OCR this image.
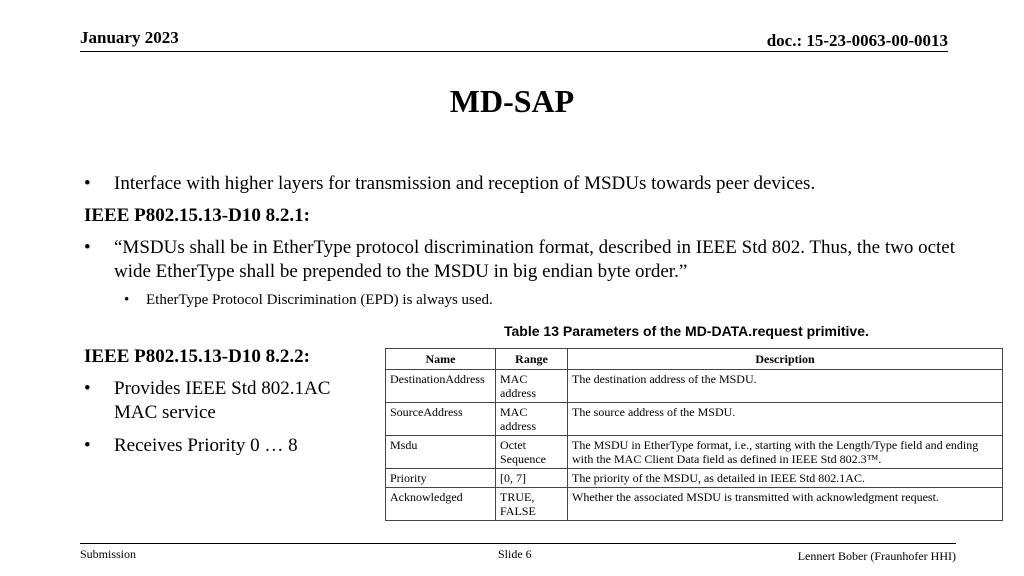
January 2023	doc.: 15-23-0063-00-0013
MD-SAP
•	Interface with higher layers for transmission and reception of MSDUs towards peer devices.
IEEE P802.15.13-D10 8.2.1:
•	“MSDUs shall be in EtherType protocol discrimination format, described in IEEE Std 802. Thus, the two octet wide EtherType shall be prepended to the MSDU in big endian byte order.”
•	EtherType Protocol Discrimination (EPD) is always used.
IEEE P802.15.13-D10 8.2.2:
•	Provides IEEE Std 802.1AC MAC service
•	Receives Priority 0 … 8
Table 13 Parameters of the MD-DATA.request primitive.
Name	Range	Description
DestinationAddress	MAC address	The destination address of the MSDU.
SourceAddress	MAC address	The source address of the MSDU.
Msdu	Octet Sequence	The MSDU in EtherType format, i.e., starting with the Length/Type field and ending with the MAC Client Data field as defined in IEEE Std 802.3™.
Priority	[0, 7]	The priority of the MSDU, as detailed in IEEE Std 802.1AC.
Acknowledged	TRUE, FALSE	Whether the associated MSDU is transmitted with acknowledgment request.
Submission	Slide 6	Lennert Bober (Fraunhofer HHI)
